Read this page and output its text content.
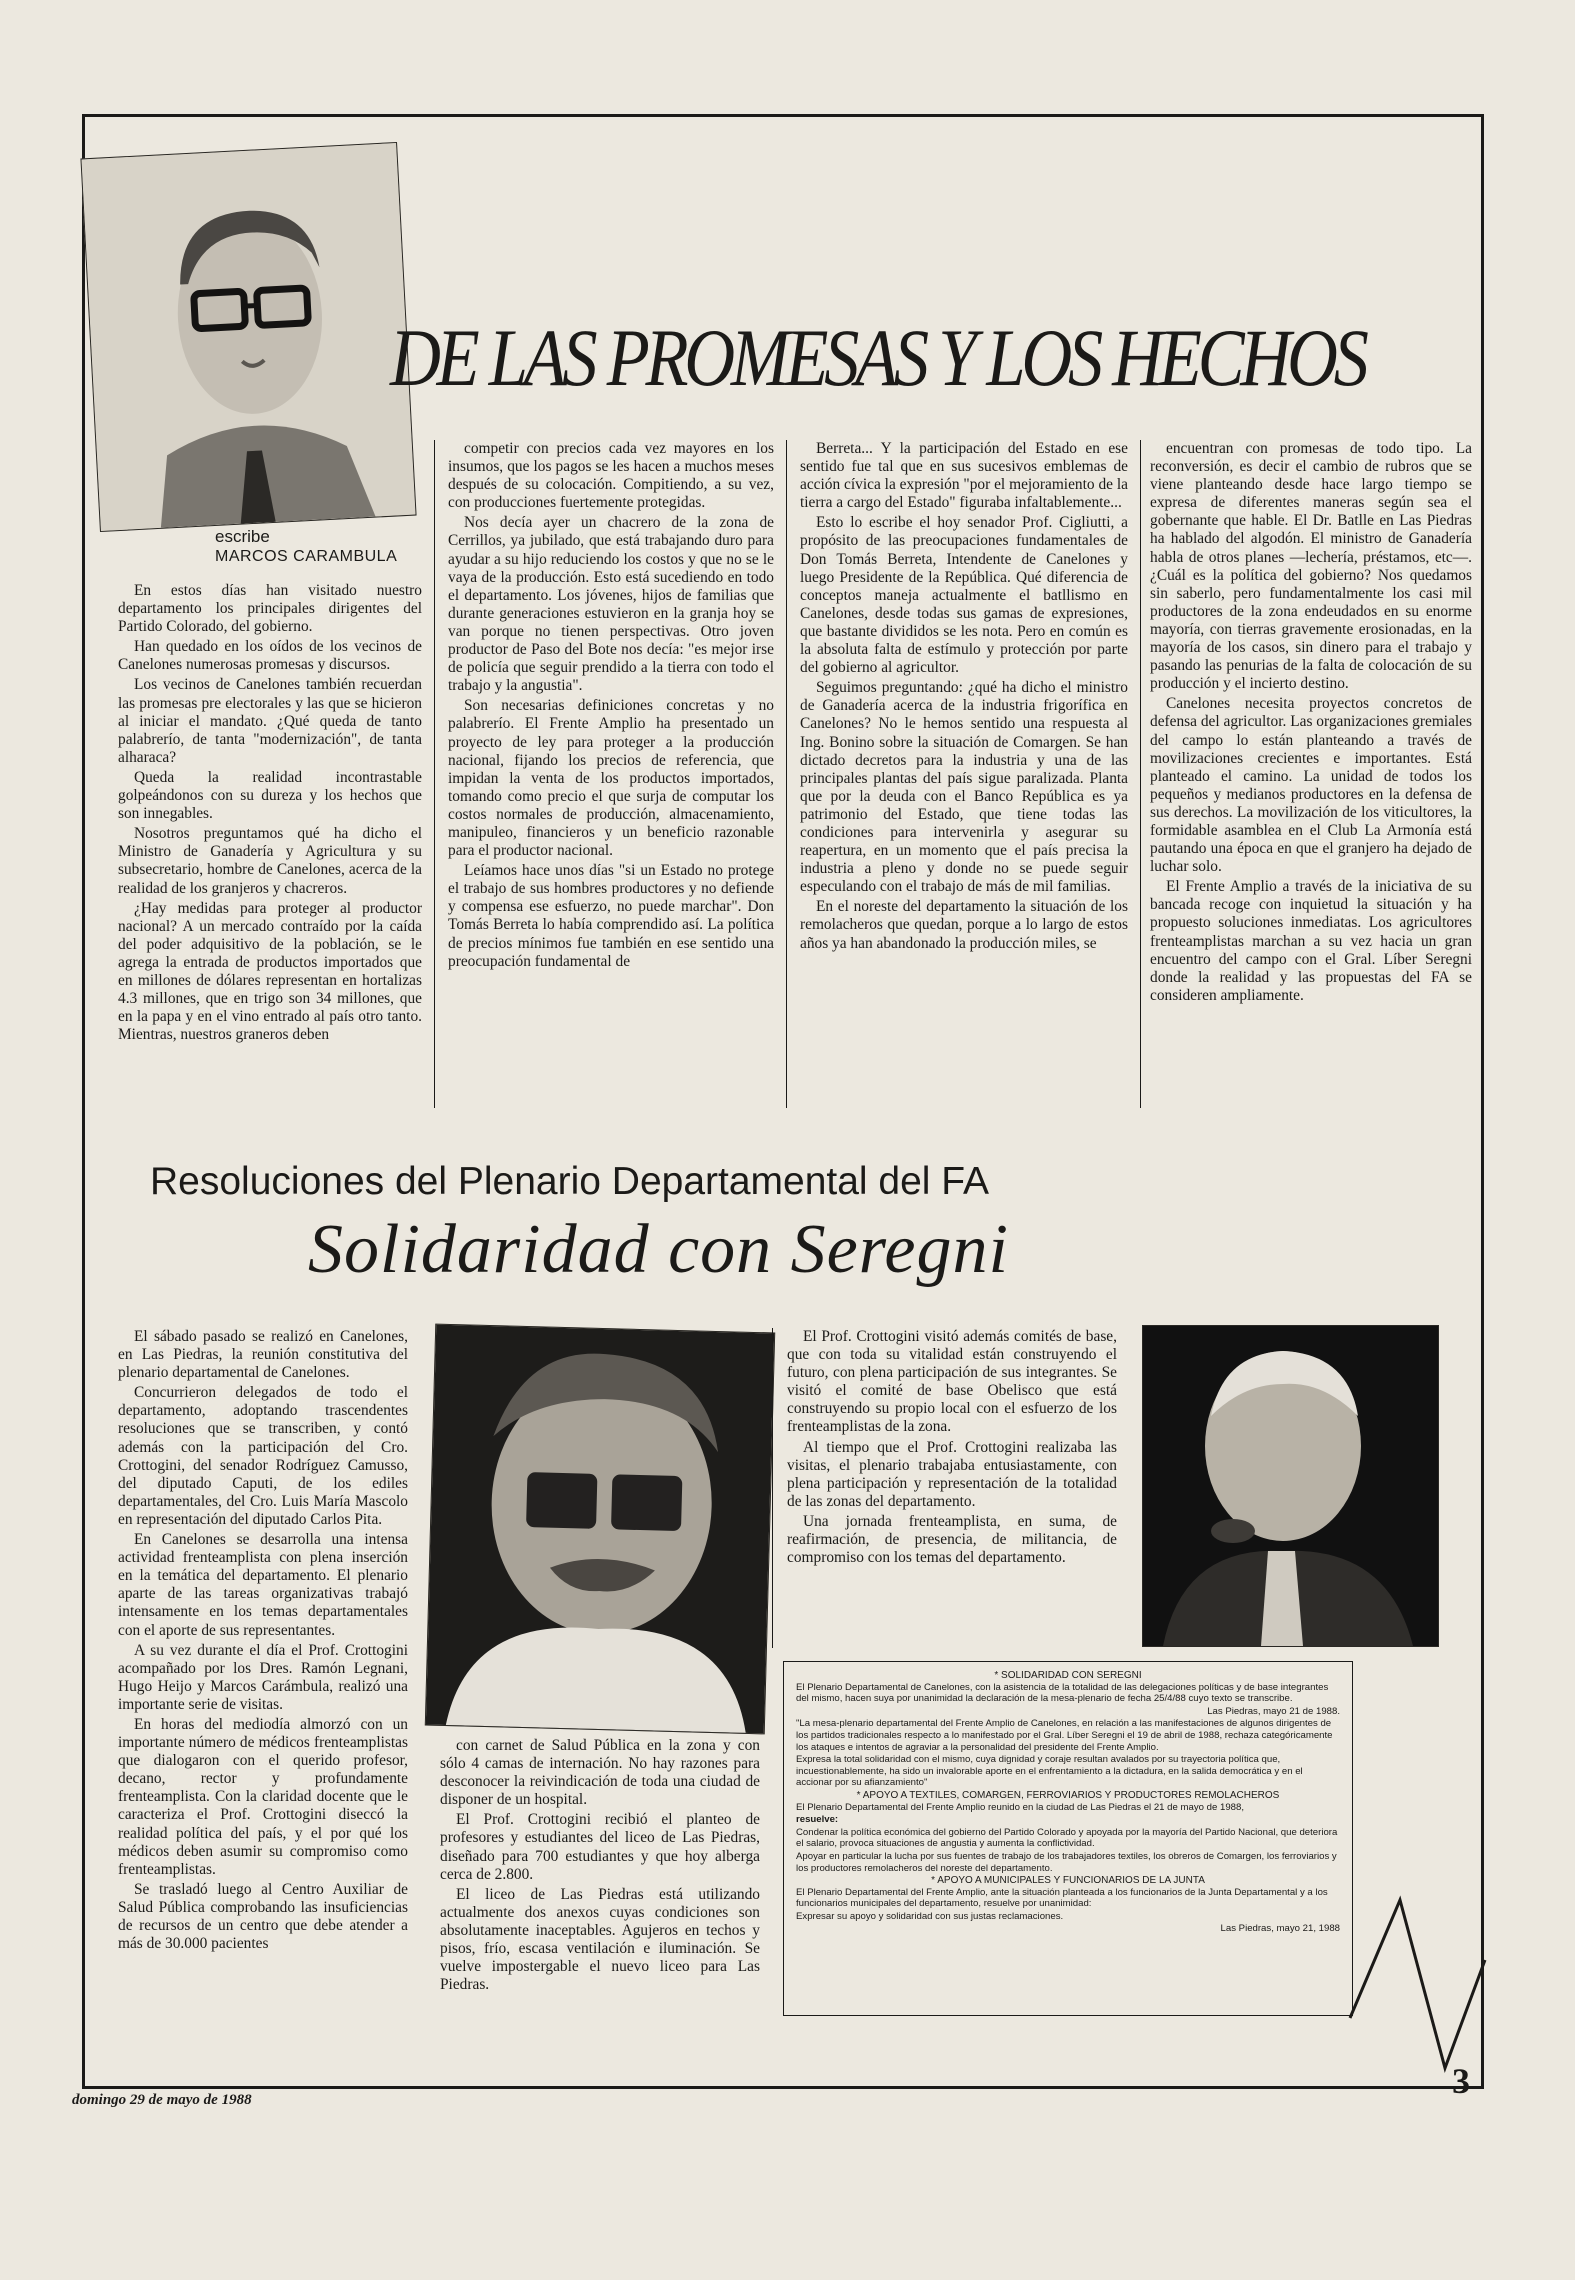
DE LAS PROMESAS Y LOS HECHOS
escribe
MARCOS CARAMBULA

En estos días han visitado nuestro departamento los principales dirigentes del Partido Colorado, del gobierno.

Han quedado en los oídos de los vecinos de Canelones numerosas promesas y discursos.

Los vecinos de Canelones también recuerdan las promesas pre electorales y las que se hicieron al iniciar el mandato. ¿Qué queda de tanto palabrerío, de tanta "modernización", de tanta alharaca?

Queda la realidad incontrastable golpeándonos con su dureza y los hechos que son innegables.

Nosotros preguntamos qué ha dicho el Ministro de Ganadería y Agricultura y su subsecretario, hombre de Canelones, acerca de la realidad de los granjeros y chacreros.

¿Hay medidas para proteger al productor nacional? A un mercado contraído por la caída del poder adquisitivo de la población, se le agrega la entrada de productos importados que en millones de dólares representan en hortalizas 4.3 millones, que en trigo son 34 millones, que en la papa y en el vino entrado al país otro tanto. Mientras, nuestros graneros deben

competir con precios cada vez mayores en los insumos, que los pagos se les hacen a muchos meses después de su colocación. Compitiendo, a su vez, con producciones fuertemente protegidas.

Nos decía ayer un chacrero de la zona de Cerrillos, ya jubilado, que está trabajando duro para ayudar a su hijo reduciendo los costos y que no se le vaya de la producción. Esto está sucediendo en todo el departamento. Los jóvenes, hijos de familias que durante generaciones estuvieron en la granja hoy se van porque no tienen perspectivas. Otro joven productor de Paso del Bote nos decía: "es mejor irse de policía que seguir prendido a la tierra con todo el trabajo y la angustia".

Son necesarias definiciones concretas y no palabrerío. El Frente Amplio ha presentado un proyecto de ley para proteger a la producción nacional, fijando los precios de referencia, que impidan la venta de los productos importados, tomando como precio el que surja de computar los costos normales de producción, almacenamiento, manipuleo, financieros y un beneficio razonable para el productor nacional.

Leíamos hace unos días "si un Estado no protege el trabajo de sus hombres productores y no defiende y compensa ese esfuerzo, no puede marchar". Don Tomás Berreta lo había comprendido así. La política de precios mínimos fue también en ese sentido una preocupación fundamental de

Berreta... Y la participación del Estado en ese sentido fue tal que en sus sucesivos emblemas de acción cívica la expresión "por el mejoramiento de la tierra a cargo del Estado" figuraba infaltablemente...

Esto lo escribe el hoy senador Prof. Cigliutti, a propósito de las preocupaciones fundamentales de Don Tomás Berreta, Intendente de Canelones y luego Presidente de la República. Qué diferencia de conceptos maneja actualmente el batllismo en Canelones, desde todas sus gamas de expresiones, que bastante divididos se les nota. Pero en común es la absoluta falta de estímulo y protección por parte del gobierno al agricultor.

Seguimos preguntando: ¿qué ha dicho el ministro de Ganadería acerca de la industria frigorífica en Canelones? No le hemos sentido una respuesta al Ing. Bonino sobre la situación de Comargen. Se han dictado decretos para la industria y una de las principales plantas del país sigue paralizada. Planta que por la deuda con el Banco República es ya patrimonio del Estado, que tiene todas las condiciones para intervenirla y asegurar su reapertura, en un momento que el país precisa la industria a pleno y donde no se puede seguir especulando con el trabajo de más de mil familias.

En el noreste del departamento la situación de los remolacheros que quedan, porque a lo largo de estos años ya han abandonado la producción miles, se

encuentran con promesas de todo tipo. La reconversión, es decir el cambio de rubros que se viene planteando desde hace largo tiempo se expresa de diferentes maneras según sea el gobernante que hable. El Dr. Batlle en Las Piedras ha hablado del algodón. El ministro de Ganadería habla de otros planes —lechería, préstamos, etc—. ¿Cuál es la política del gobierno? Nos quedamos sin saberlo, pero fundamentalmente los casi mil productores de la zona endeudados en su enorme mayoría, con tierras gravemente erosionadas, en la mayoría de los casos, sin dinero para el trabajo y pasando las penurias de la falta de colocación de su producción y el incierto destino.

Canelones necesita proyectos concretos de defensa del agricultor. Las organizaciones gremiales del campo lo están planteando a través de movilizaciones crecientes e importantes. Está planteado el camino. La unidad de todos los pequeños y medianos productores en la defensa de sus derechos. La movilización de los viticultores, la formidable asamblea en el Club La Armonía está pautando una época en que el granjero ha dejado de luchar solo.

El Frente Amplio a través de la iniciativa de su bancada recoge con inquietud la situación y ha propuesto soluciones inmediatas. Los agricultores frenteamplistas marchan a su vez hacia un gran encuentro del campo con el Gral. Líber Seregni donde la realidad y las propuestas del FA se consideren ampliamente.

Resoluciones del Plenario Departamental del FA
Solidaridad con Seregni

El sábado pasado se realizó en Canelones, en Las Piedras, la reunión constitutiva del plenario departamental de Canelones.

Concurrieron delegados de todo el departamento, adoptando trascendentes resoluciones que se transcriben, y contó además con la participación del Cro. Crottogini, del senador Rodríguez Camusso, del diputado Caputi, de los ediles departamentales, del Cro. Luis María Mascolo en representación del diputado Carlos Pita.

En Canelones se desarrolla una intensa actividad frenteamplista con plena inserción en la temática del departamento. El plenario aparte de las tareas organizativas trabajó intensamente en los temas departamentales con el aporte de sus representantes.

A su vez durante el día el Prof. Crottogini acompañado por los Dres. Ramón Legnani, Hugo Heijo y Marcos Carámbula, realizó una importante serie de visitas.

En horas del mediodía almorzó con un importante número de médicos frenteamplistas que dialogaron con el querido profesor, decano, rector y profundamente frenteamplista. Con la claridad docente que le caracteriza el Prof. Crottogini diseccó la realidad política del país, y el por qué los médicos deben asumir su compromiso como frenteamplistas.

Se trasladó luego al Centro Auxiliar de Salud Pública comprobando las insuficiencias de recursos de un centro que debe atender a más de 30.000 pacientes

con carnet de Salud Pública en la zona y con sólo 4 camas de internación. No hay razones para desconocer la reivindicación de toda una ciudad de disponer de un hospital.

El Prof. Crottogini recibió el planteo de profesores y estudiantes del liceo de Las Piedras, diseñado para 700 estudiantes y que hoy alberga cerca de 2.800.

El liceo de Las Piedras está utilizando actualmente dos anexos cuyas condiciones son absolutamente inaceptables. Agujeros en techos y pisos, frío, escasa ventilación e iluminación. Se vuelve impostergable el nuevo liceo para Las Piedras.

El Prof. Crottogini visitó además comités de base, que con toda su vitalidad están construyendo el futuro, con plena participación de sus integrantes. Se visitó el comité de base Obelisco que está construyendo su propio local con el esfuerzo de los frenteamplistas de la zona.

Al tiempo que el Prof. Crottogini realizaba las visitas, el plenario trabajaba entusiastamente, con plena participación y representación de la totalidad de las zonas del departamento.

Una jornada frenteamplista, en suma, de reafirmación, de presencia, de militancia, de compromiso con los temas del departamento.

* SOLIDARIDAD CON SEREGNI

El Plenario Departamental de Canelones, con la asistencia de la totalidad de las delegaciones políticas y de base integrantes del mismo, hacen suya por unanimidad la declaración de la mesa-plenario de fecha 25/4/88 cuyo texto se transcribe.

Las Piedras, mayo 21 de 1988.

"La mesa-plenario departamental del Frente Amplio de Canelones, en relación a las manifestaciones de algunos dirigentes de los partidos tradicionales respecto a lo manifestado por el Gral. Líber Seregni el 19 de abril de 1988, rechaza categóricamente los ataques e intentos de agraviar a la personalidad del presidente del Frente Amplio.

Expresa la total solidaridad con el mismo, cuya dignidad y coraje resultan avalados por su trayectoria política que, incuestionablemente, ha sido un invalorable aporte en el enfrentamiento a la dictadura, en la salida democrática y en el accionar por su afianzamiento"

* APOYO A TEXTILES, COMARGEN, FERROVIARIOS Y PRODUCTORES REMOLACHEROS

El Plenario Departamental del Frente Amplio reunido en la ciudad de Las Piedras el 21 de mayo de 1988,

resuelve:

Condenar la política económica del gobierno del Partido Colorado y apoyada por la mayoría del Partido Nacional, que deteriora el salario, provoca situaciones de angustia y aumenta la conflictividad.

Apoyar en particular la lucha por sus fuentes de trabajo de los trabajadores textiles, los obreros de Comargen, los ferroviarios y los productores remolacheros del noreste del departamento.

* APOYO A MUNICIPALES Y FUNCIONARIOS DE LA JUNTA

El Plenario Departamental del Frente Amplio, ante la situación planteada a los funcionarios de la Junta Departamental y a los funcionarios municipales del departamento, resuelve por unanimidad:

Expresar su apoyo y solidaridad con sus justas reclamaciones.

Las Piedras, mayo 21, 1988

domingo 29 de mayo de 1988	3
